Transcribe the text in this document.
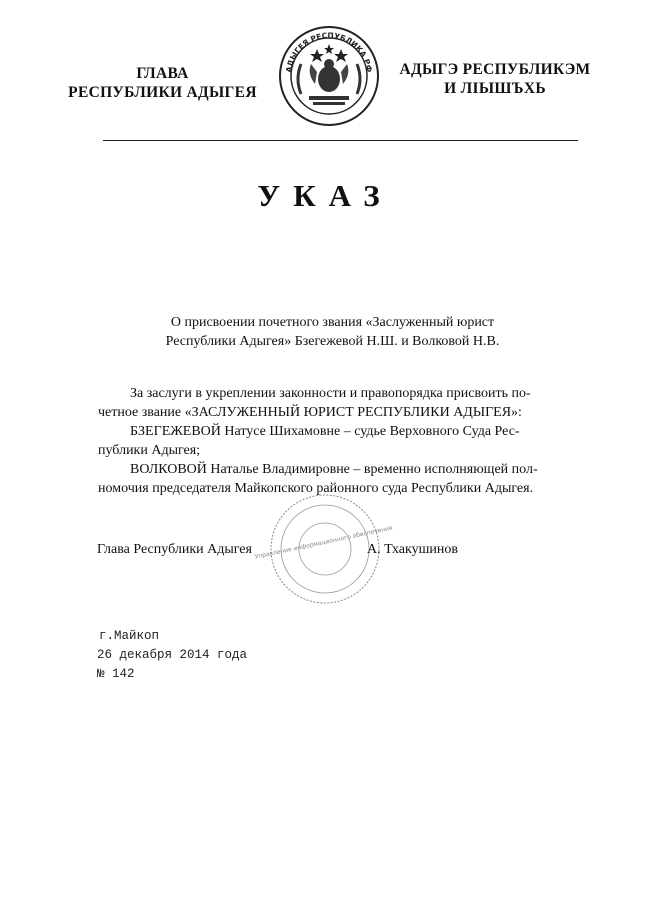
ГЛАВА
РЕСПУБЛИКИ АДЫГЕЯ
АДЫГЕЯ РЕСПУБЛИКА РФ	АДЫГЭ РЕСПУБЛИКЭМ
И ЛІЫШЪХЬ
УКАЗ
О присвоении почетного звания «Заслуженный юрист
Республики Адыгея» Бзегежевой Н.Ш. и Волковой Н.В.
За заслуги в укреплении законности и правопорядка присвоить по-
четное звание «ЗАСЛУЖЕННЫЙ ЮРИСТ РЕСПУБЛИКИ АДЫГЕЯ»:
БЗЕГЕЖЕВОЙ Натусе Шихамовне – судье Верховного Суда Рес-
публики Адыгея;
ВОЛКОВОЙ Наталье Владимировне – временно исполняющей пол-
номочия председателя Майкопского районного суда Республики Адыгея.
Управление информационного обеспечения
Глава Республики Адыгея	А. Тхакушинов
г.Майкоп
26 декабря 2014 года
№ 142
